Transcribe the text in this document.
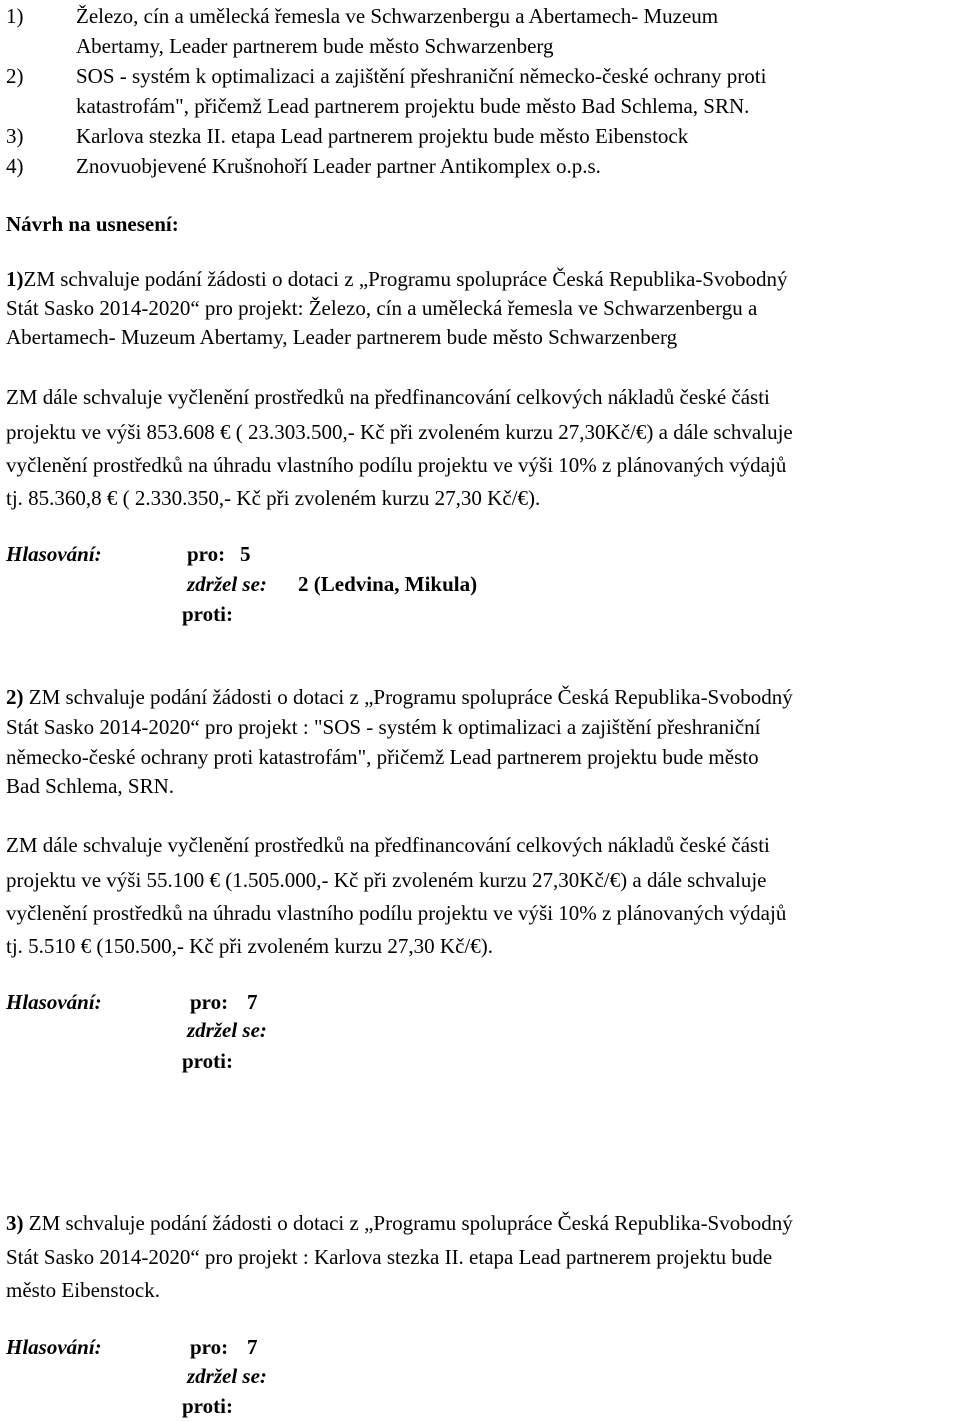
1)	Železo, cín a umělecká řemesla ve Schwarzenbergu a Abertamech- Muzeum
Abertamy, Leader partnerem bude město Schwarzenberg
2)	SOS - systém k optimalizaci a zajištění přeshraniční německo-české ochrany proti
katastrofám", přičemž Lead partnerem projektu bude město Bad Schlema, SRN.
3)	Karlova stezka II. etapa Lead partnerem projektu bude město Eibenstock
4)	Znovuobjevené Krušnohoří Leader partner Antikomplex o.p.s.
Návrh na usnesení:
1)ZM schvaluje podání žádosti o dotaci z „Programu spolupráce Česká Republika-Svobodný
Stát Sasko 2014-2020“ pro projekt: Železo, cín a umělecká řemesla ve Schwarzenbergu a
Abertamech- Muzeum Abertamy, Leader partnerem bude město Schwarzenberg
ZM dále schvaluje vyčlenění prostředků na předfinancování celkových nákladů české části
projektu ve výši 853.608 € ( 23.303.500,- Kč při zvoleném kurzu 27,30Kč/€) a dále schvaluje
vyčlenění prostředků na úhradu vlastního podílu projektu ve výši 10% z plánovaných výdajů
tj. 85.360,8 € ( 2.330.350,- Kč při zvoleném kurzu 27,30 Kč/€).
Hlasování:	pro: 5
zdržel se: 2 (Ledvina, Mikula)
proti:
2) ZM schvaluje podání žádosti o dotaci z „Programu spolupráce Česká Republika-Svobodný
Stát Sasko 2014-2020“ pro projekt : "SOS - systém k optimalizaci a zajištění přeshraniční
německo-české ochrany proti katastrofám", přičemž Lead partnerem projektu bude město
Bad Schlema, SRN.
ZM dále schvaluje vyčlenění prostředků na předfinancování celkových nákladů české části
projektu ve výši 55.100 € (1.505.000,- Kč při zvoleném kurzu 27,30Kč/€) a dále schvaluje
vyčlenění prostředků na úhradu vlastního podílu projektu ve výši 10% z plánovaných výdajů
tj. 5.510 € (150.500,- Kč při zvoleném kurzu 27,30 Kč/€).
Hlasování:	pro: 7
zdržel se:
proti:
3) ZM schvaluje podání žádosti o dotaci z „Programu spolupráce Česká Republika-Svobodný
Stát Sasko 2014-2020“ pro projekt : Karlova stezka II. etapa Lead partnerem projektu bude
město Eibenstock.
Hlasování:	pro: 7
zdržel se:
proti:
